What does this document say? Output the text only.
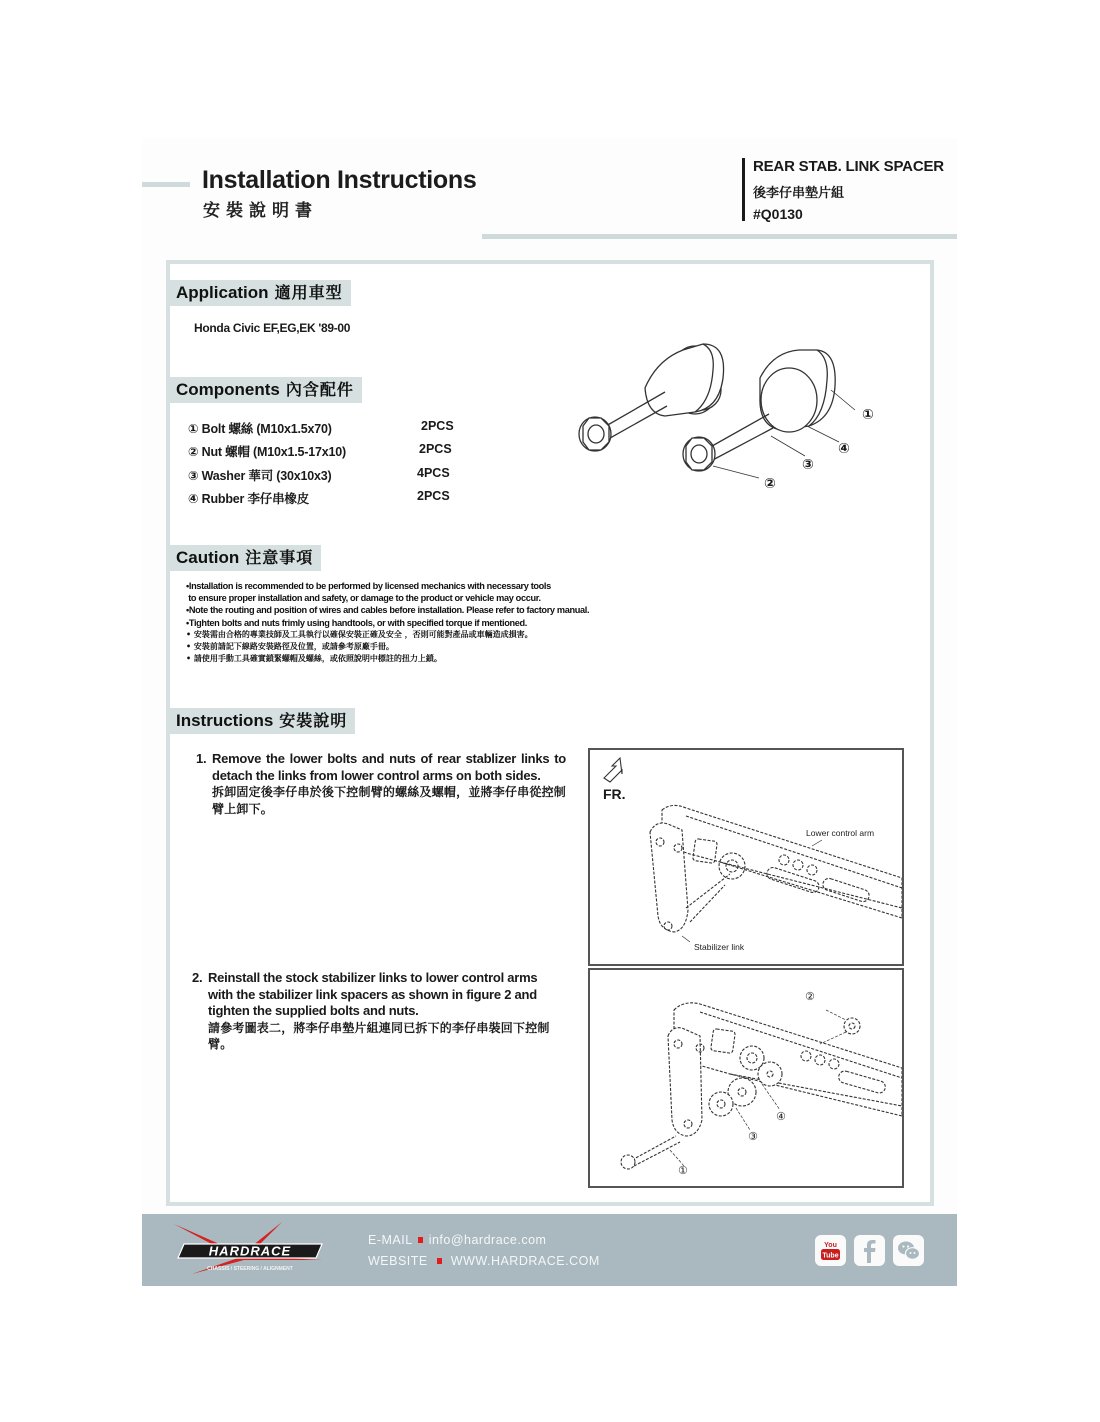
Installation Instructions
安裝說明書
REAR STAB. LINK SPACER
後李仔串墊片組
#Q0130
Application 適用車型
Honda Civic EF,EG,EK '89-00
Components 內含配件
① Bolt 螺絲 (M10x1.5x70)	2PCS
② Nut 螺帽 (M10x1.5-17x10)	2PCS
③ Washer 華司 (30x10x3)	4PCS
④ Rubber 李仔串橡皮	2PCS
①
④
③
②
Caution 注意事項
•Installation is recommended to be performed by licensed mechanics with necessary tools
to ensure proper installation and safety, or damage to the product or vehicle may occur.
•Note the routing and position of wires and cables before installation. Please refer to factory manual.
•Tighten bolts and nuts frimly using handtools, or with specified torque if mentioned.
• 安裝需由合格的專業技師及工具執行以確保安裝正確及安全 ，否則可能對產品或車輛造成損害。
• 安裝前請記下線路安裝路徑及位置，或請參考原廠手冊。
• 請使用手動工具確實鎖緊螺帽及螺絲，或依照說明中標註的扭力上鎖。
Instructions 安裝說明
1. Remove the lower bolts and nuts of rear stablizer links to detach the links from lower control arms on both sides.
拆卸固定後李仔串於後下控制臂的螺絲及螺帽，並將李仔串從控制臂上卸下。
2. Reinstall the stock stabilizer links to lower control arms with the stabilizer link spacers as shown in figure 2 and tighten the supplied bolts and nuts.
請參考圖表二，將李仔串墊片組連同已拆下的李仔串裝回下控制臂。
FR.
Lower control arm
Stabilizer link
②
④
③
①
HARDRACE
CHASSIS / STEERING / ALIGNMENT
E-MAIL info@hardrace.com
WEBSITE WWW.HARDRACE.COM
You
Tube
